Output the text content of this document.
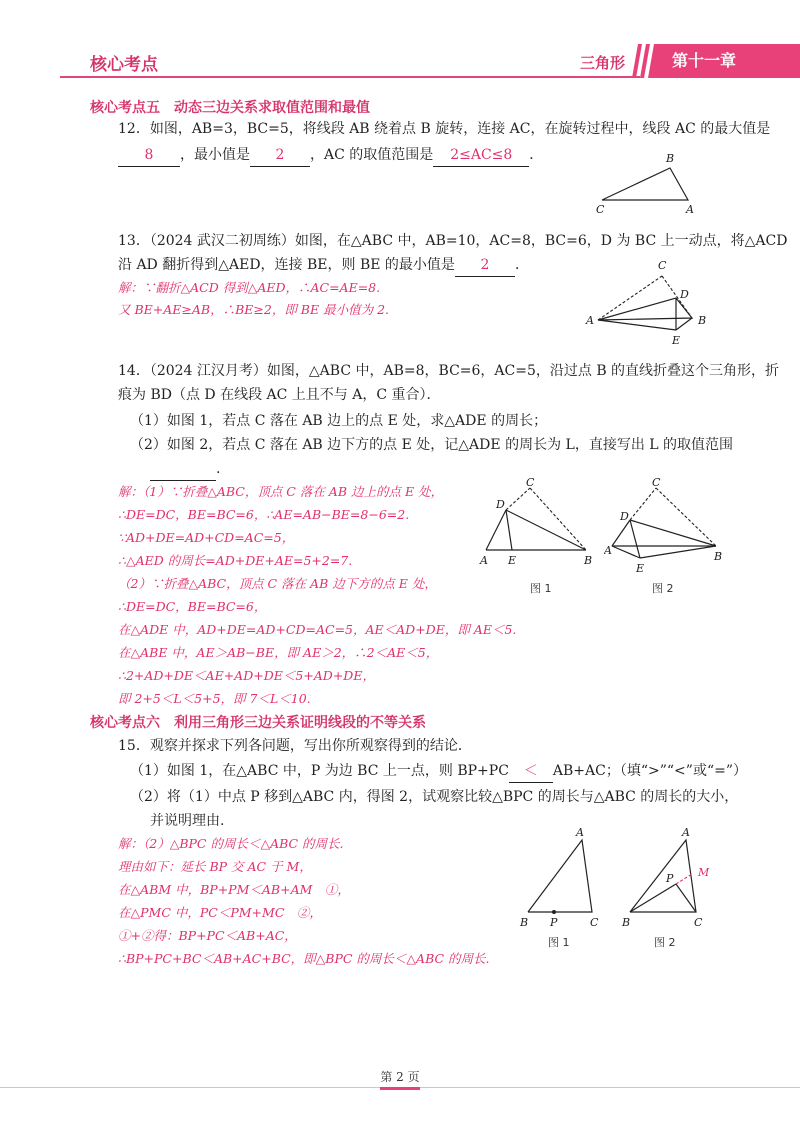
核心考点	三角形	第十一章
核心考点五　动态三边关系求取值范围和最值
12．如图，AB=3，BC=5，将线段 AB 绕着点 B 旋转，连接 AC，在旋转过程中，线段 AC 的最大值是
8 ，最小值是 2 ，AC 的取值范围是 2≤AC≤8 ．	B
C	A
13．（2024 武汉二初周练）如图，在△ABC 中，AB=10，AC=8，BC=6，D 为 BC 上一动点，将△ACD
沿 AD 翻折得到△AED，连接 BE，则 BE 的最小值是 2 ．
解：∵翻折△ACD 得到△AED，∴AC=AE=8.
又 BE+AE≥AB，∴BE≥2，即 BE 最小值为 2.
C
D
A	B
E
14．（2024 江汉月考）如图，△ABC 中，AB=8，BC=6，AC=5，沿过点 B 的直线折叠这个三角形，折
痕为 BD（点 D 在线段 AC 上且不与 A，C 重合）．
（1）如图 1，若点 C 落在 AB 边上的点 E 处，求△ADE 的周长；
（2）如图 2，若点 C 落在 AB 边下方的点 E 处，记△ADE 的周长为 L，直接写出 L 的取值范围
.
解：（1）∵折叠△ABC，顶点 C 落在 AB 边上的点 E 处，
∴DE=DC，BE=BC=6，∴AE=AB−BE=8−6=2.
∵AD+DE=AD+CD=AC=5，
∴△AED 的周长=AD+DE+AE=5+2=7.
（2）∵折叠△ABC，顶点 C 落在 AB 边下方的点 E 处，
∴DE=DC，BE=BC=6，
在△ADE 中，AD+DE=AD+CD=AC=5，AE＜AD+DE，即 AE＜5.
在△ABE 中，AE＞AB−BE，即 AE＞2，∴2＜AE＜5，
∴2+AD+DE＜AE+AD+DE＜5+AD+DE，
即 2+5＜L＜5+5，即 7＜L＜10.
C
D
A E	B
图 1
C
D
A
E
B
图 2
核心考点六　利用三角形三边关系证明线段的不等关系
15．观察并探求下列各问题，写出你所观察得到的结论．
（1）如图 1，在△ABC 中，P 为边 BC 上一点，则 BP+PC ＜ AB+AC；（填“>”“<”或“=”）
（2）将（1）中点 P 移到△ABC 内，得图 2，试观察比较△BPC 的周长与△ABC 的周长的大小，
并说明理由.
解：（2）△BPC 的周长＜△ABC 的周长.
理由如下：延长 BP 交 AC 于 M，
在△ABM 中，BP+PM＜AB+AM　①，
在△PMC 中，PC＜PM+MC　②，
①+②得：BP+PC＜AB+AC，
∴BP+PC+BC＜AB+AC+BC，即△BPC 的周长＜△ABC 的周长.
A
B P	C
图 1
A
P M
B	C
图 2
第 2 页
